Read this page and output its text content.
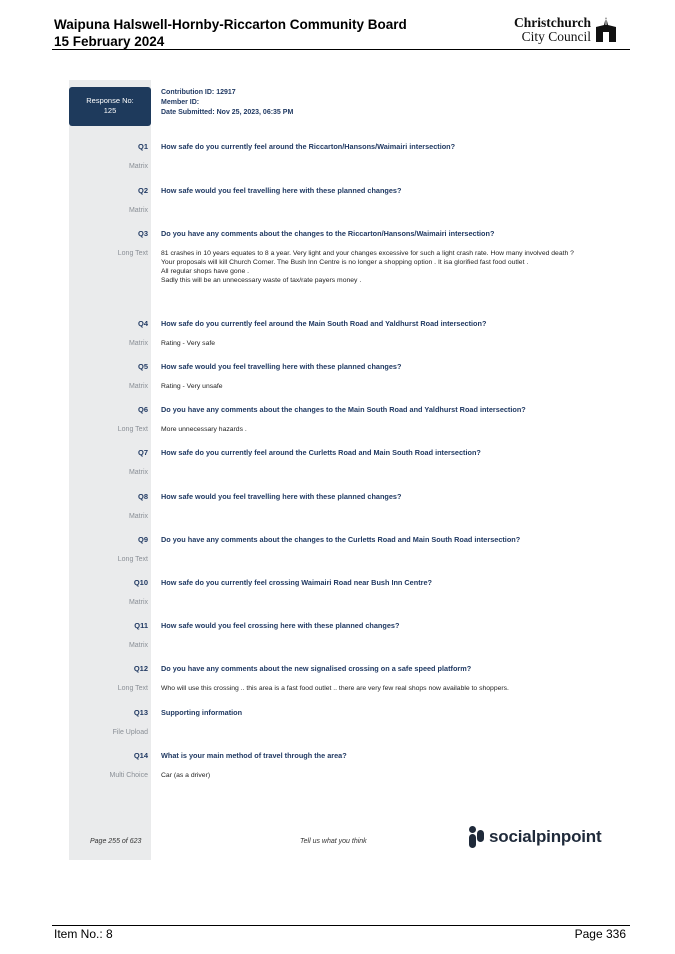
Waipuna Halswell-Hornby-Riccarton Community Board
15 February 2024
Christchurch
City Council
Response No:
125
Contribution ID: 12917
Member ID:
Date Submitted: Nov 25, 2023, 06:35 PM
Q1 How safe do you currently feel around the Riccarton/Hansons/Waimairi intersection?
Matrix
Q2 How safe would you feel travelling here with these planned changes?
Matrix
Q3 Do you have any comments about the changes to the Riccarton/Hansons/Waimairi intersection?
Long Text 81 crashes in 10 years equates to 8 a year. Very light and your changes excessive for such a light crash rate. How many involved death ?
Your proposals will kill Church Corner. The Bush Inn Centre is no longer a shopping option . It isa glorified fast food outlet .
All regular shops have gone .
Sadly this will be an unnecessary waste of tax/rate payers money .
Q4 How safe do you currently feel around the Main South Road and Yaldhurst Road intersection?
Matrix Rating - Very safe
Q5 How safe would you feel travelling here with these planned changes?
Matrix Rating - Very unsafe
Q6 Do you have any comments about the changes to the Main South Road and Yaldhurst Road intersection?
Long Text More unnecessary hazards .
Q7 How safe do you currently feel around the Curletts Road and Main South Road intersection?
Matrix
Q8 How safe would you feel travelling here with these planned changes?
Matrix
Q9 Do you have any comments about the changes to the Curletts Road and Main South Road intersection?
Long Text
Q10 How safe do you currently feel crossing Waimairi Road near Bush Inn Centre?
Matrix
Q11 How safe would you feel crossing here with these planned changes?
Matrix
Q12 Do you have any comments about the new signalised crossing on a safe speed platform?
Long Text Who will use this crossing .. this area is a fast food outlet .. there are very few real shops now available to shoppers.
Q13 Supporting information
File Upload
Q14 What is your main method of travel through the area?
Multi Choice Car (as a driver)
Page 255 of 623	Tell us what you think	socialpinpoint
Item No.: 8	Page 336
